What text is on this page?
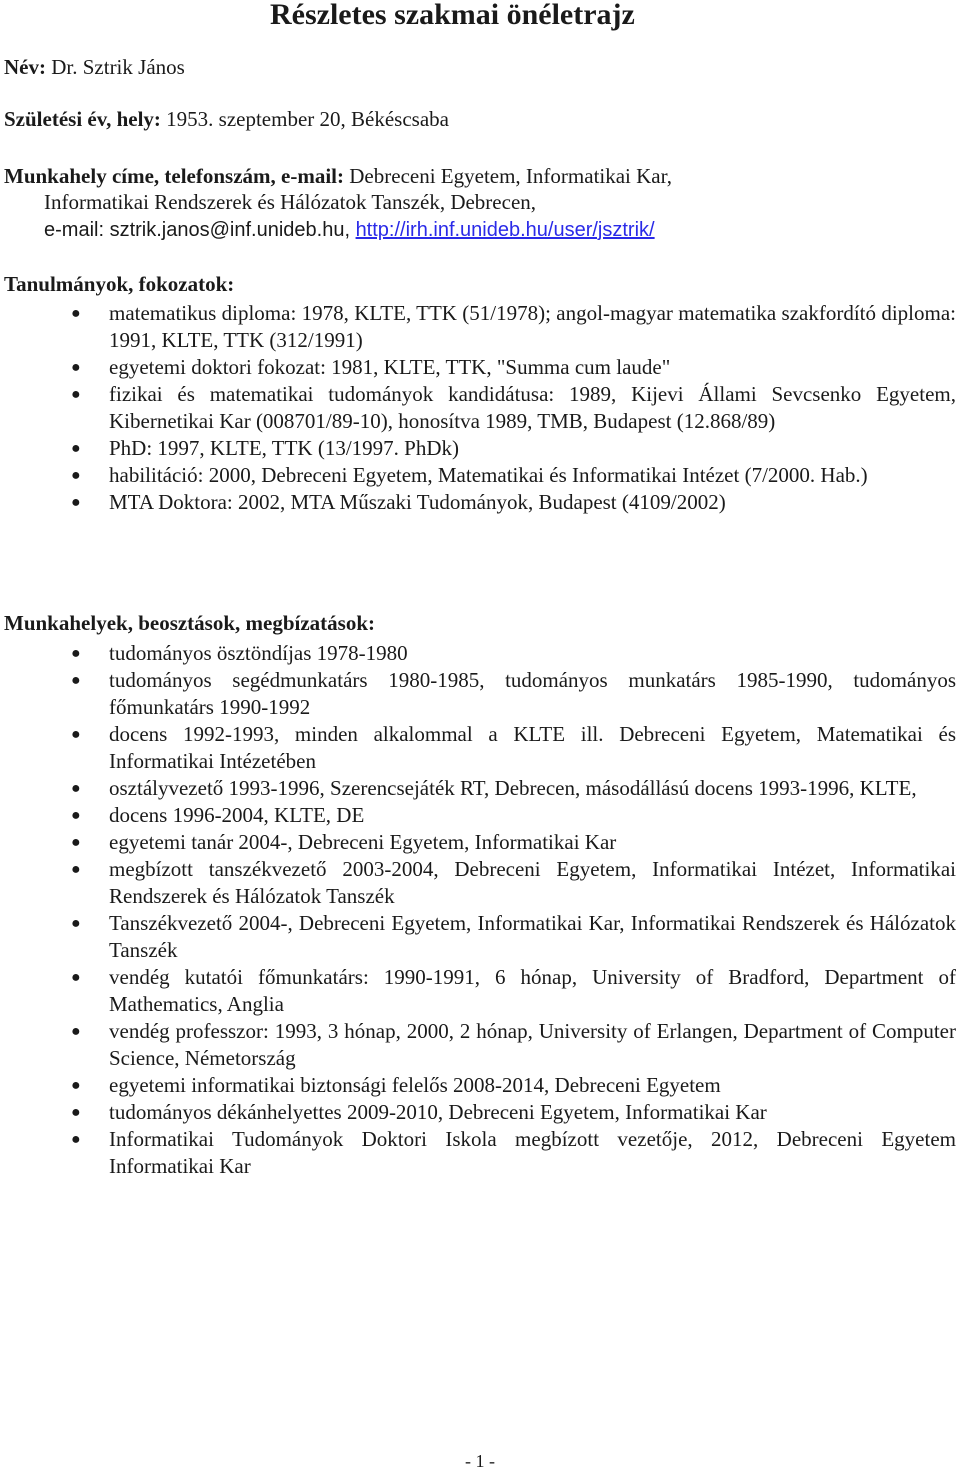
Részletes szakmai önéletrajz
Név: Dr. Sztrik János
Születési év, hely: 1953. szeptember 20, Békéscsaba
Munkahely címe, telefonszám, e-mail: Debreceni Egyetem, Informatikai Kar,
Informatikai Rendszerek és Hálózatok Tanszék, Debrecen,
e-mail: sztrik.janos@inf.unideb.hu, http://irh.inf.unideb.hu/user/jsztrik/
Tanulmányok, fokozatok:
● matematikus diploma: 1978, KLTE, TTK (51/1978); angol-magyar matematika szakfordító diploma: 1991, KLTE, TTK (312/1991)
● egyetemi doktori fokozat: 1981, KLTE, TTK, "Summa cum laude"
● fizikai és matematikai tudományok kandidátusa: 1989, Kijevi Állami Sevcsenko Egyetem, Kibernetikai Kar (008701/89-10), honosítva 1989, TMB, Budapest (12.868/89)
● PhD: 1997, KLTE, TTK (13/1997. PhDk)
● habilitáció: 2000, Debreceni Egyetem, Matematikai és Informatikai Intézet (7/2000. Hab.)
● MTA Doktora: 2002, MTA Műszaki Tudományok, Budapest (4109/2002)
Munkahelyek, beosztások, megbízatások:
● tudományos ösztöndíjas 1978-1980
● tudományos segédmunkatárs 1980-1985, tudományos munkatárs 1985-1990, tudományos főmunkatárs 1990-1992
● docens 1992-1993, minden alkalommal a KLTE ill. Debreceni Egyetem, Matematikai és Informatikai Intézetében
● osztályvezető 1993-1996, Szerencsejáték RT, Debrecen, másodállású docens 1993-1996, KLTE,
● docens 1996-2004, KLTE, DE
● egyetemi tanár 2004-, Debreceni Egyetem, Informatikai Kar
● megbízott tanszékvezető 2003-2004, Debreceni Egyetem, Informatikai Intézet, Informatikai Rendszerek és Hálózatok Tanszék
● Tanszékvezető 2004-, Debreceni Egyetem, Informatikai Kar, Informatikai Rendszerek és Hálózatok Tanszék
● vendég kutatói főmunkatárs: 1990-1991, 6 hónap, University of Bradford, Department of Mathematics, Anglia
● vendég professzor: 1993, 3 hónap, 2000, 2 hónap, University of Erlangen, Department of Computer Science, Németország
● egyetemi informatikai biztonsági felelős 2008-2014, Debreceni Egyetem
● tudományos dékánhelyettes 2009-2010, Debreceni Egyetem, Informatikai Kar
● Informatikai Tudományok Doktori Iskola megbízott vezetője, 2012, Debreceni Egyetem Informatikai Kar
- 1 -
